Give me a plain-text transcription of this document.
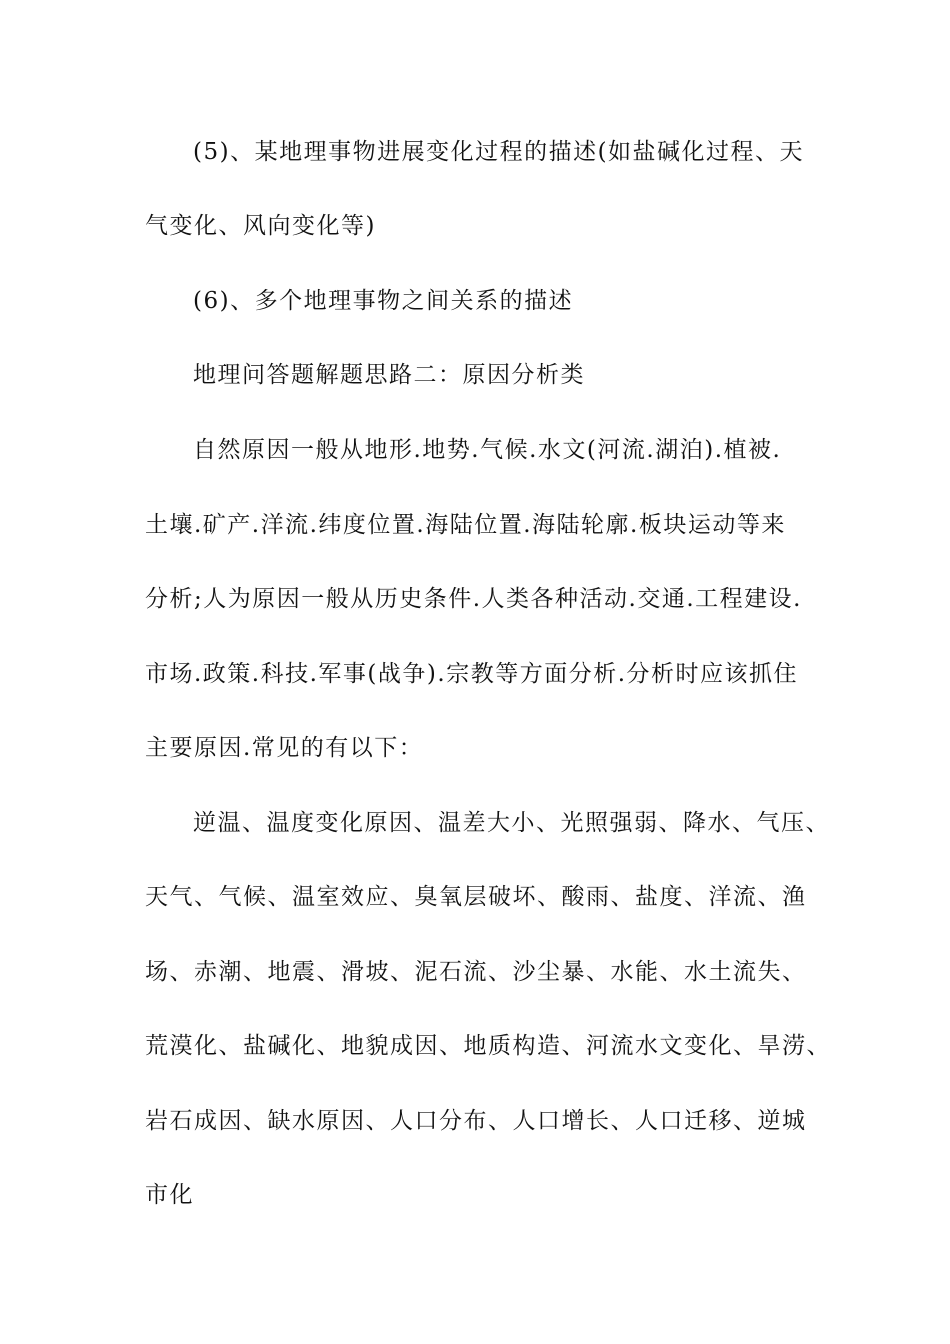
(5)、某地理事物进展变化过程的描述(如盐碱化过程、天
气变化、风向变化等)
(6)、多个地理事物之间关系的描述
地理问答题解题思路二：原因分析类
自然原因一般从地形.地势.气候.水文(河流.湖泊).植被.
土壤.矿产.洋流.纬度位置.海陆位置.海陆轮廓.板块运动等来
分析;人为原因一般从历史条件.人类各种活动.交通.工程建设.
市场.政策.科技.军事(战争).宗教等方面分析.分析时应该抓住
主要原因.常见的有以下：
逆温、温度变化原因、温差大小、光照强弱、降水、气压、
天气、气候、温室效应、臭氧层破坏、酸雨、盐度、洋流、渔
场、赤潮、地震、滑坡、泥石流、沙尘暴、水能、水土流失、
荒漠化、盐碱化、地貌成因、地质构造、河流水文变化、旱涝、
岩石成因、缺水原因、人口分布、人口增长、人口迁移、逆城
市化
